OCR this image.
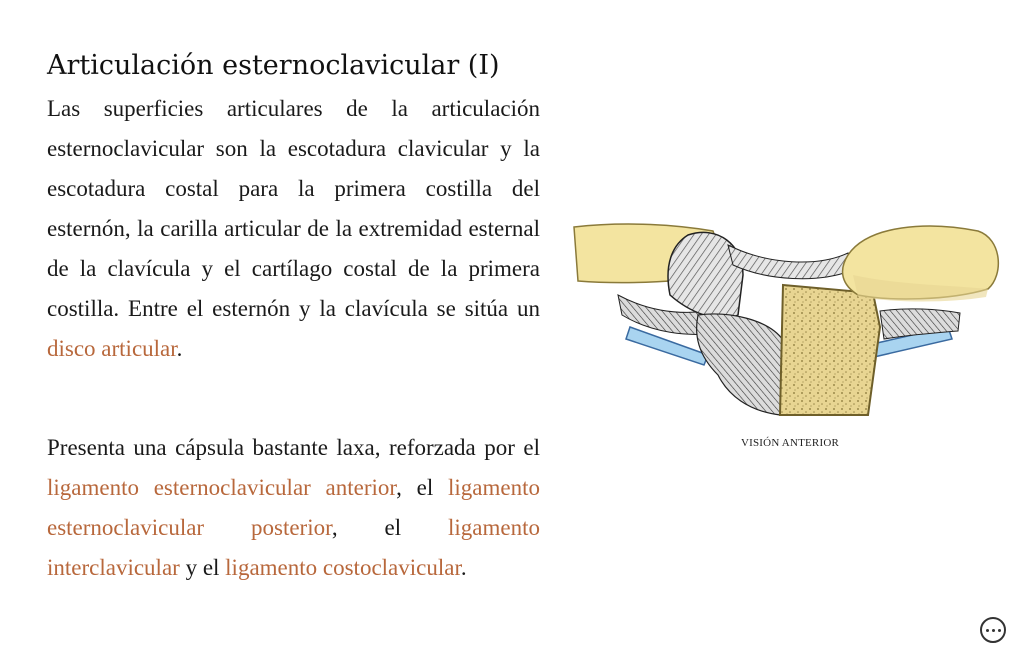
Articulación esternoclavicular (I)

Las superficies articulares de la articulación esternoclavicular son la escotadura clavicular y la escotadura costal para la primera costilla del esternón, la carilla articular de la extremidad esternal de la clavícula y el cartílago costal de la primera costilla. Entre el esternón y la clavícula se sitúa un disco articular.

Presenta una cápsula bastante laxa, reforzada por el ligamento esternoclavicular anterior, el ligamento esternoclavicular posterior, el ligamento interclavicular y el ligamento costoclavicular.

VISIÓN ANTERIOR
